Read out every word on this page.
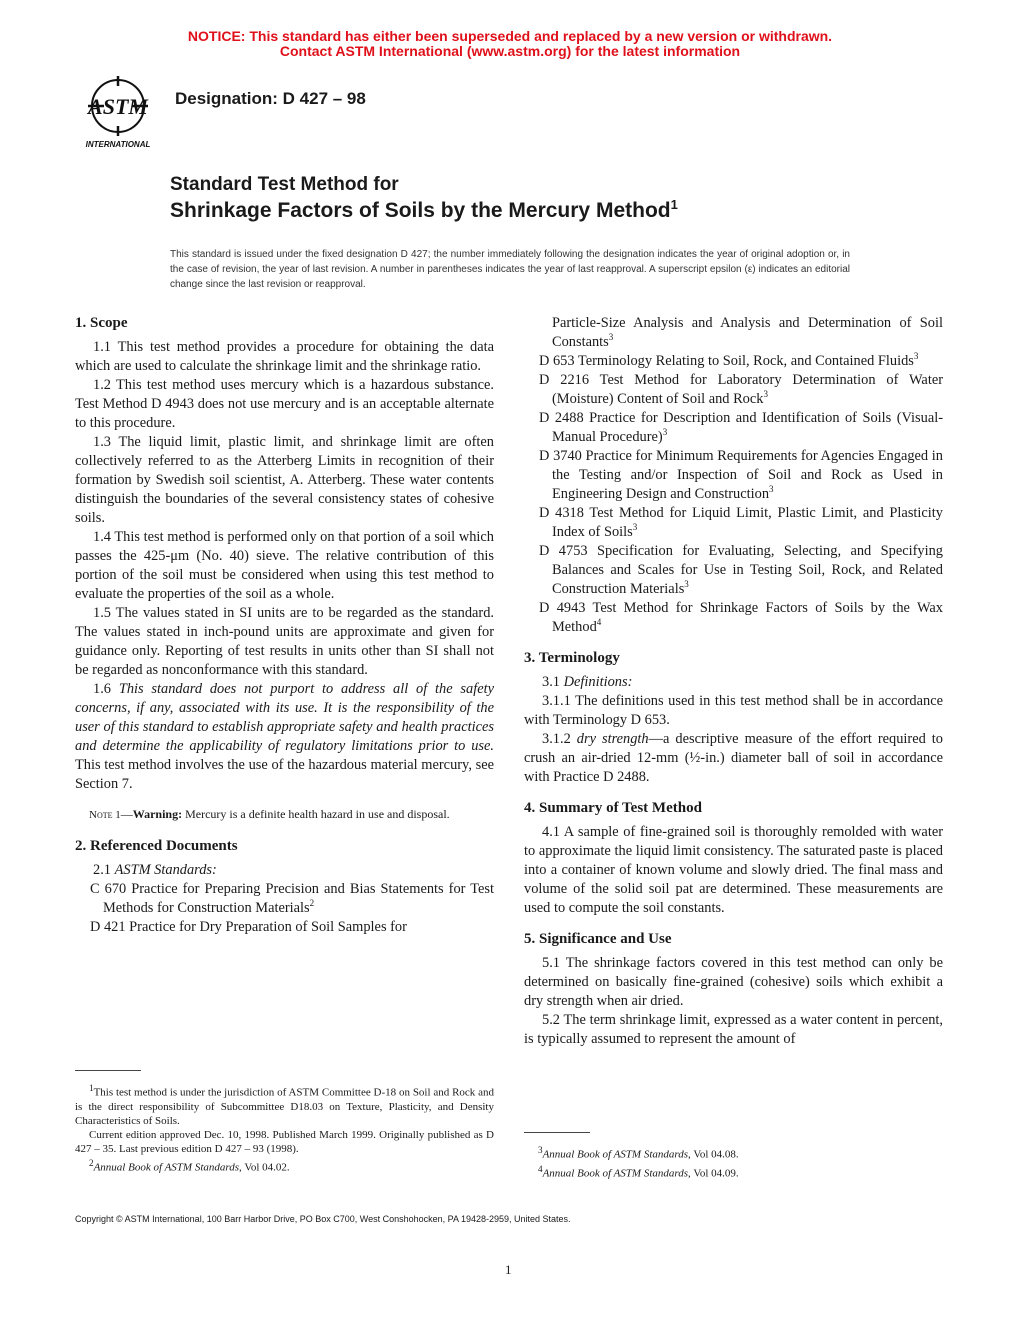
NOTICE: This standard has either been superseded and replaced by a new version or withdrawn.
Contact ASTM International (www.astm.org) for the latest information
ASTM
INTERNATIONAL
Designation: D 427 – 98
Standard Test Method for
Shrinkage Factors of Soils by the Mercury Method$^1$
This standard is issued under the fixed designation D 427; the number immediately following the designation indicates the year of original adoption or, in the case of revision, the year of last revision. A number in parentheses indicates the year of last reapproval. A superscript epsilon (ε) indicates an editorial change since the last revision or reapproval.
1. Scope

1.1 This test method provides a procedure for obtaining the data which are used to calculate the shrinkage limit and the shrinkage ratio.

1.2 This test method uses mercury which is a hazardous substance. Test Method D 4943 does not use mercury and is an acceptable alternate to this procedure.

1.3 The liquid limit, plastic limit, and shrinkage limit are often collectively referred to as the Atterberg Limits in recognition of their formation by Swedish soil scientist, A. Atterberg. These water contents distinguish the boundaries of the several consistency states of cohesive soils.

1.4 This test method is performed only on that portion of a soil which passes the 425-μm (No. 40) sieve. The relative contribution of this portion of the soil must be considered when using this test method to evaluate the properties of the soil as a whole.

1.5 The values stated in SI units are to be regarded as the standard. The values stated in inch-pound units are approximate and given for guidance only. Reporting of test results in units other than SI shall not be regarded as nonconformance with this standard.

1.6 This standard does not purport to address all of the safety concerns, if any, associated with its use. It is the responsibility of the user of this standard to establish appropriate safety and health practices and determine the applicability of regulatory limitations prior to use. This test method involves the use of the hazardous material mercury, see Section 7.

Note 1—Warning: Mercury is a definite health hazard in use and disposal.
2. Referenced Documents

2.1 ASTM Standards:

C 670 Practice for Preparing Precision and Bias Statements for Test Methods for Construction Materials$^2$

D 421 Practice for Dry Preparation of Soil Samples for

$^1$This test method is under the jurisdiction of ASTM Committee D-18 on Soil and Rock and is the direct responsibility of Subcommittee D18.03 on Texture, Plasticity, and Density Characteristics of Soils.

Current edition approved Dec. 10, 1998. Published March 1999. Originally published as D 427 – 35. Last previous edition D 427 – 93 (1998).

$^2$Annual Book of ASTM Standards, Vol 04.02.

Particle-Size Analysis and Analysis and Determination of Soil Constants$^3$

D 653 Terminology Relating to Soil, Rock, and Contained Fluids$^3$

D 2216 Test Method for Laboratory Determination of Water (Moisture) Content of Soil and Rock$^3$

D 2488 Practice for Description and Identification of Soils (Visual-Manual Procedure)$^3$

D 3740 Practice for Minimum Requirements for Agencies Engaged in the Testing and/or Inspection of Soil and Rock as Used in Engineering Design and Construction$^3$

D 4318 Test Method for Liquid Limit, Plastic Limit, and Plasticity Index of Soils$^3$

D 4753 Specification for Evaluating, Selecting, and Specifying Balances and Scales for Use in Testing Soil, Rock, and Related Construction Materials$^3$

D 4943 Test Method for Shrinkage Factors of Soils by the Wax Method$^4$

3. Terminology

3.1 Definitions:

3.1.1 The definitions used in this test method shall be in accordance with Terminology D 653.

3.1.2 dry strength—a descriptive measure of the effort required to crush an air-dried 12-mm (½-in.) diameter ball of soil in accordance with Practice D 2488.

4. Summary of Test Method

4.1 A sample of fine-grained soil is thoroughly remolded with water to approximate the liquid limit consistency. The saturated paste is placed into a container of known volume and slowly dried. The final mass and volume of the solid soil pat are determined. These measurements are used to compute the soil constants.

5. Significance and Use

5.1 The shrinkage factors covered in this test method can only be determined on basically fine-grained (cohesive) soils which exhibit a dry strength when air dried.

5.2 The term shrinkage limit, expressed as a water content in percent, is typically assumed to represent the amount of

$^3$Annual Book of ASTM Standards, Vol 04.08.

$^4$Annual Book of ASTM Standards, Vol 04.09.

Copyright © ASTM International, 100 Barr Harbor Drive, PO Box C700, West Conshohocken, PA 19428-2959, United States.
1
